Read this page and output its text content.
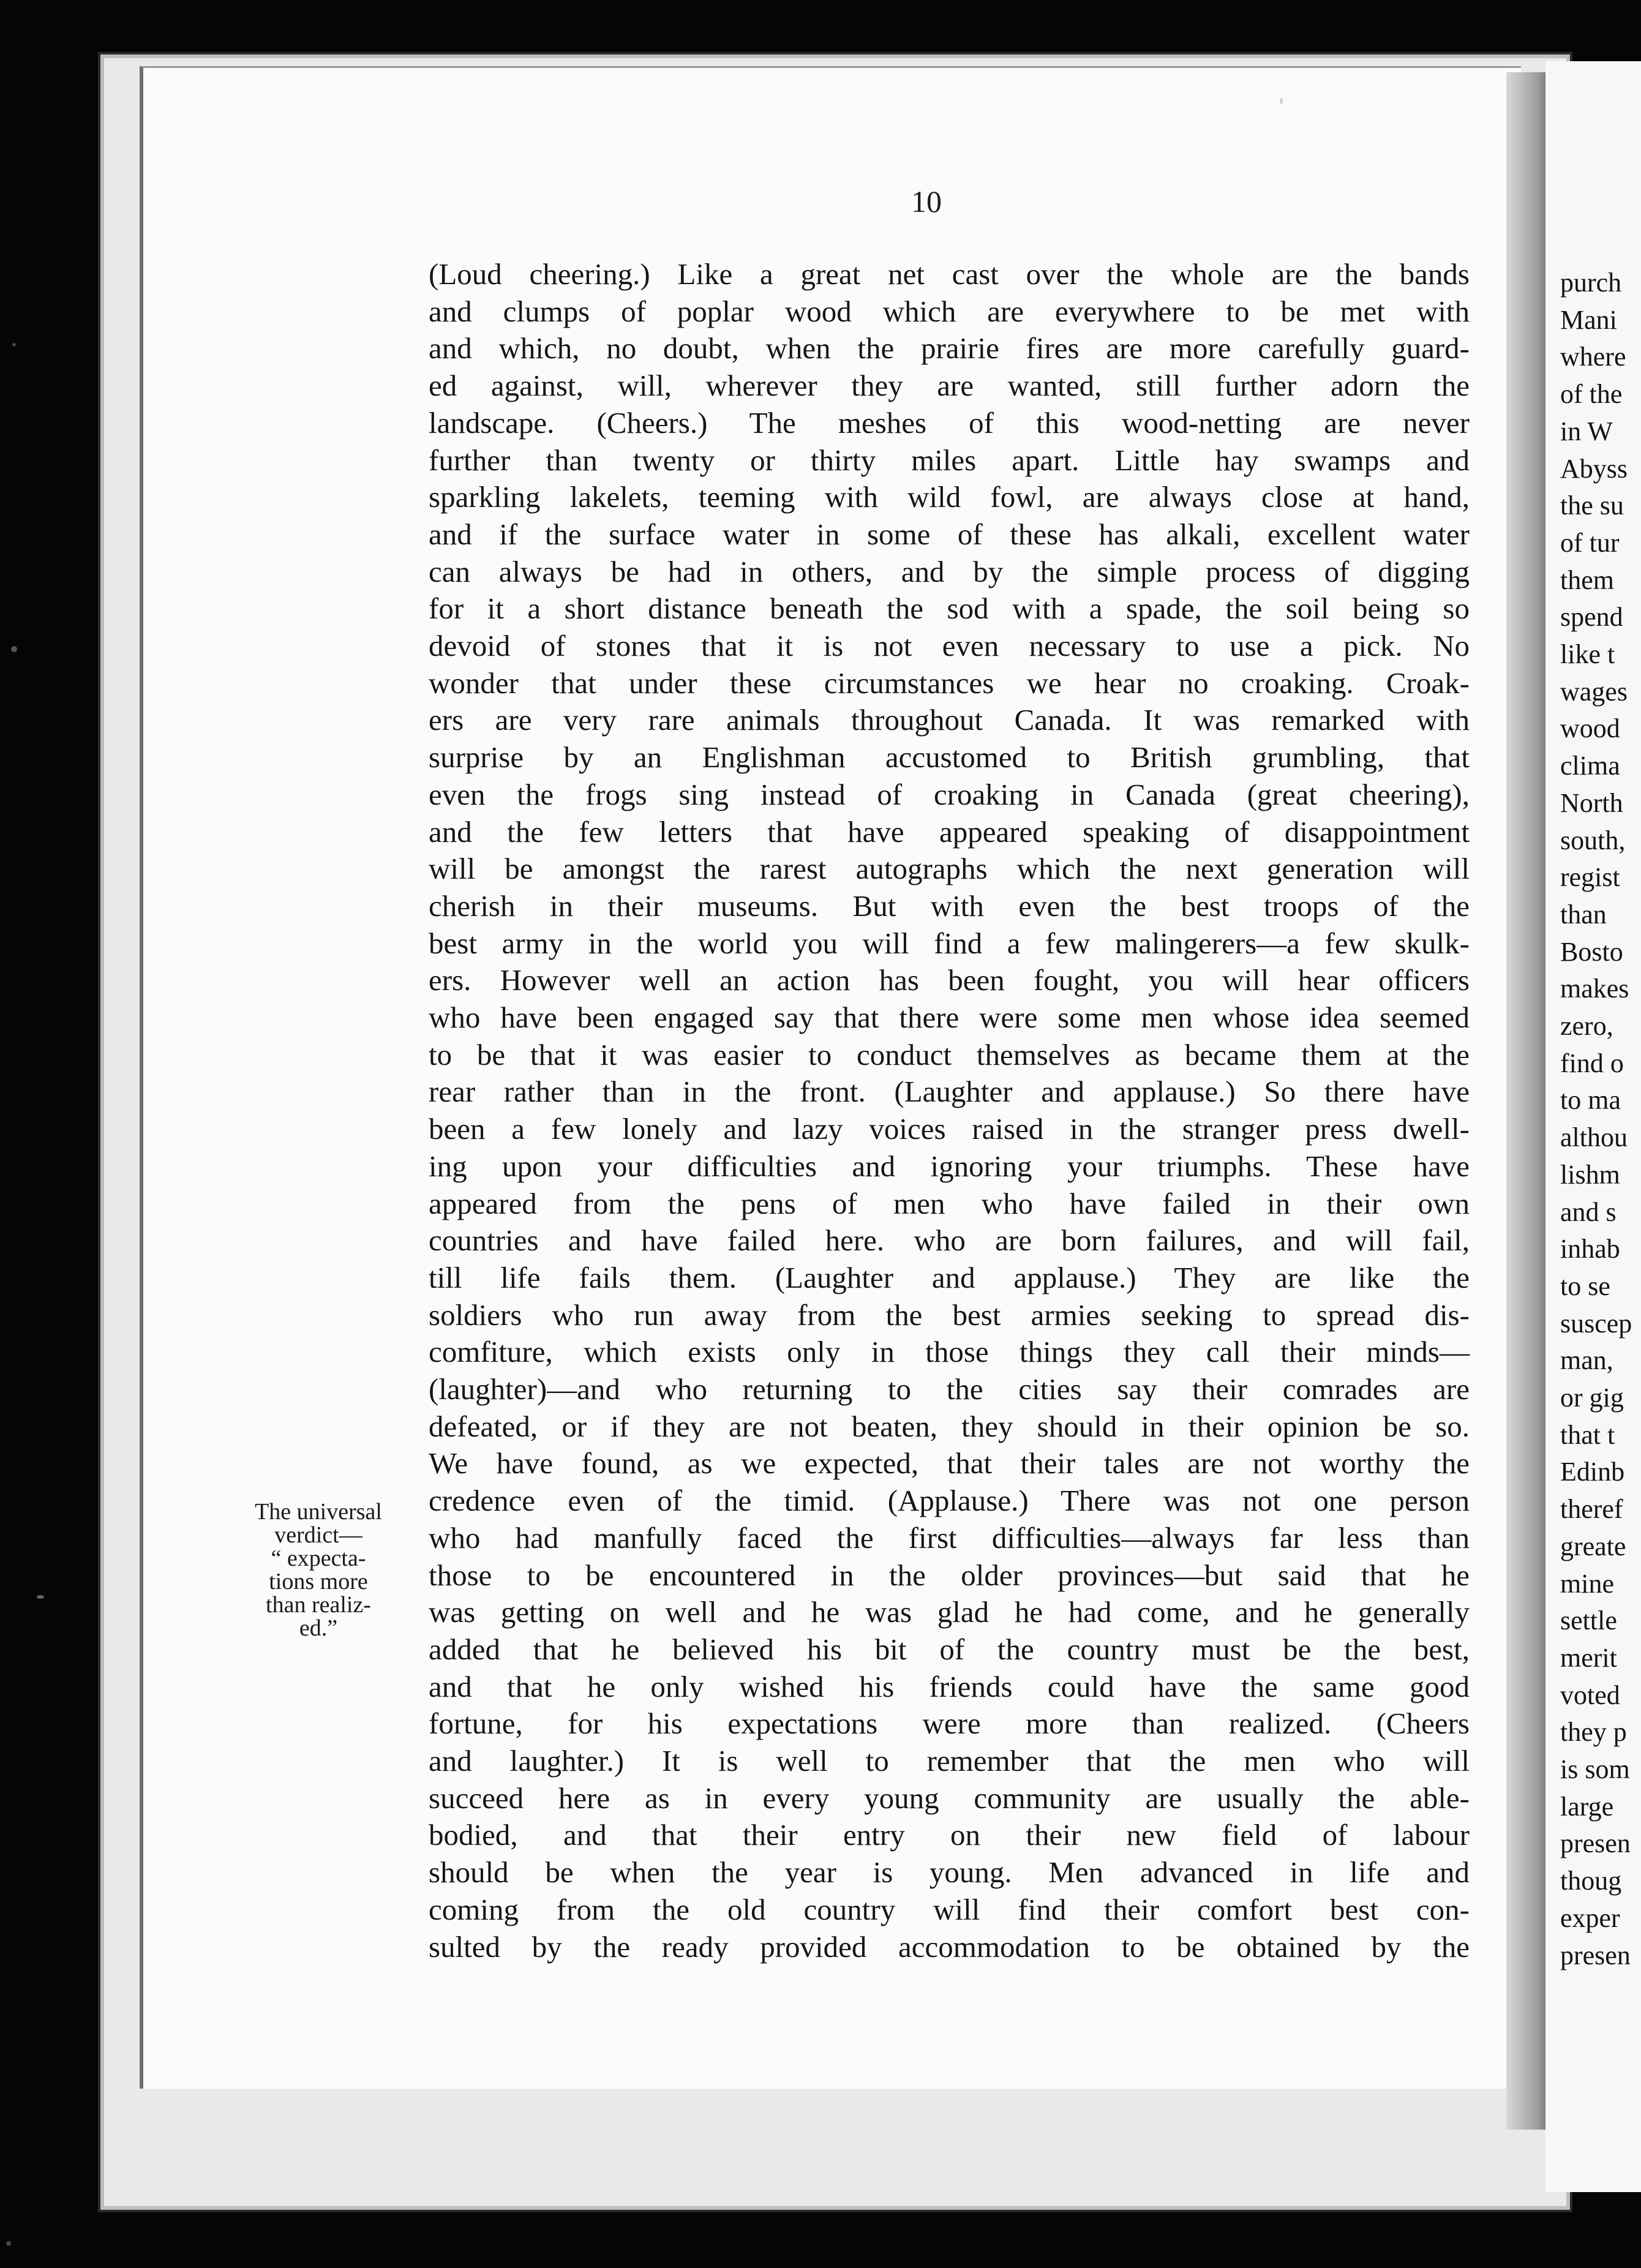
purch
Mani
where
of the
in W
Abyss
the su
of tur
them
spend
like t
wages
wood
clima
North
south,
regist
than
Bosto
makes
zero,
find o
to ma
althou
lishm
and s
inhab
to se
suscep
man,
or gig
that t
Edinb
theref
greate
mine
settle
merit
voted
they p
is som
large
presen
thoug
exper
presen
10
The universal
verdict—
“ expecta-
tions more
than realiz-
ed.”
(Loud cheering.) Like a great net cast over the whole are the bands
and clumps of poplar wood which are everywhere to be met with
and which, no doubt, when the prairie fires are more carefully guard-
ed against, will, wherever they are wanted, still further adorn the
landscape. (Cheers.) The meshes of this wood-netting are never
further than twenty or thirty miles apart. Little hay swamps and
sparkling lakelets, teeming with wild fowl, are always close at hand,
and if the surface water in some of these has alkali, excellent water
can always be had in others, and by the simple process of digging
for it a short distance beneath the sod with a spade, the soil being so
devoid of stones that it is not even necessary to use a pick. No
wonder that under these circumstances we hear no croaking. Croak-
ers are very rare animals throughout Canada. It was remarked with
surprise by an Englishman accustomed to British grumbling, that
even the frogs sing instead of croaking in Canada (great cheering),
and the few letters that have appeared speaking of disappointment
will be amongst the rarest autographs which the next generation will
cherish in their museums. But with even the best troops of the
best army in the world you will find a few malingerers—a few skulk-
ers. However well an action has been fought, you will hear officers
who have been engaged say that there were some men whose idea seemed
to be that it was easier to conduct themselves as became them at the
rear rather than in the front. (Laughter and applause.) So there have
been a few lonely and lazy voices raised in the stranger press dwell-
ing upon your difficulties and ignoring your triumphs. These have
appeared from the pens of men who have failed in their own
countries and have failed here. who are born failures, and will fail,
till life fails them. (Laughter and applause.) They are like the
soldiers who run away from the best armies seeking to spread dis-
comfiture, which exists only in those things they call their minds—
(laughter)—and who returning to the cities say their comrades are
defeated, or if they are not beaten, they should in their opinion be so.
We have found, as we expected, that their tales are not worthy the
credence even of the timid. (Applause.) There was not one person
who had manfully faced the first difficulties—always far less than
those to be encountered in the older provinces—but said that he
was getting on well and he was glad he had come, and he generally
added that he believed his bit of the country must be the best,
and that he only wished his friends could have the same good
fortune, for his expectations were more than realized. (Cheers
and laughter.) It is well to remember that the men who will
succeed here as in every young community are usually the able-
bodied, and that their entry on their new field of labour
should be when the year is young. Men advanced in life and
coming from the old country will find their comfort best con-
sulted by the ready provided accommodation to be obtained by the
